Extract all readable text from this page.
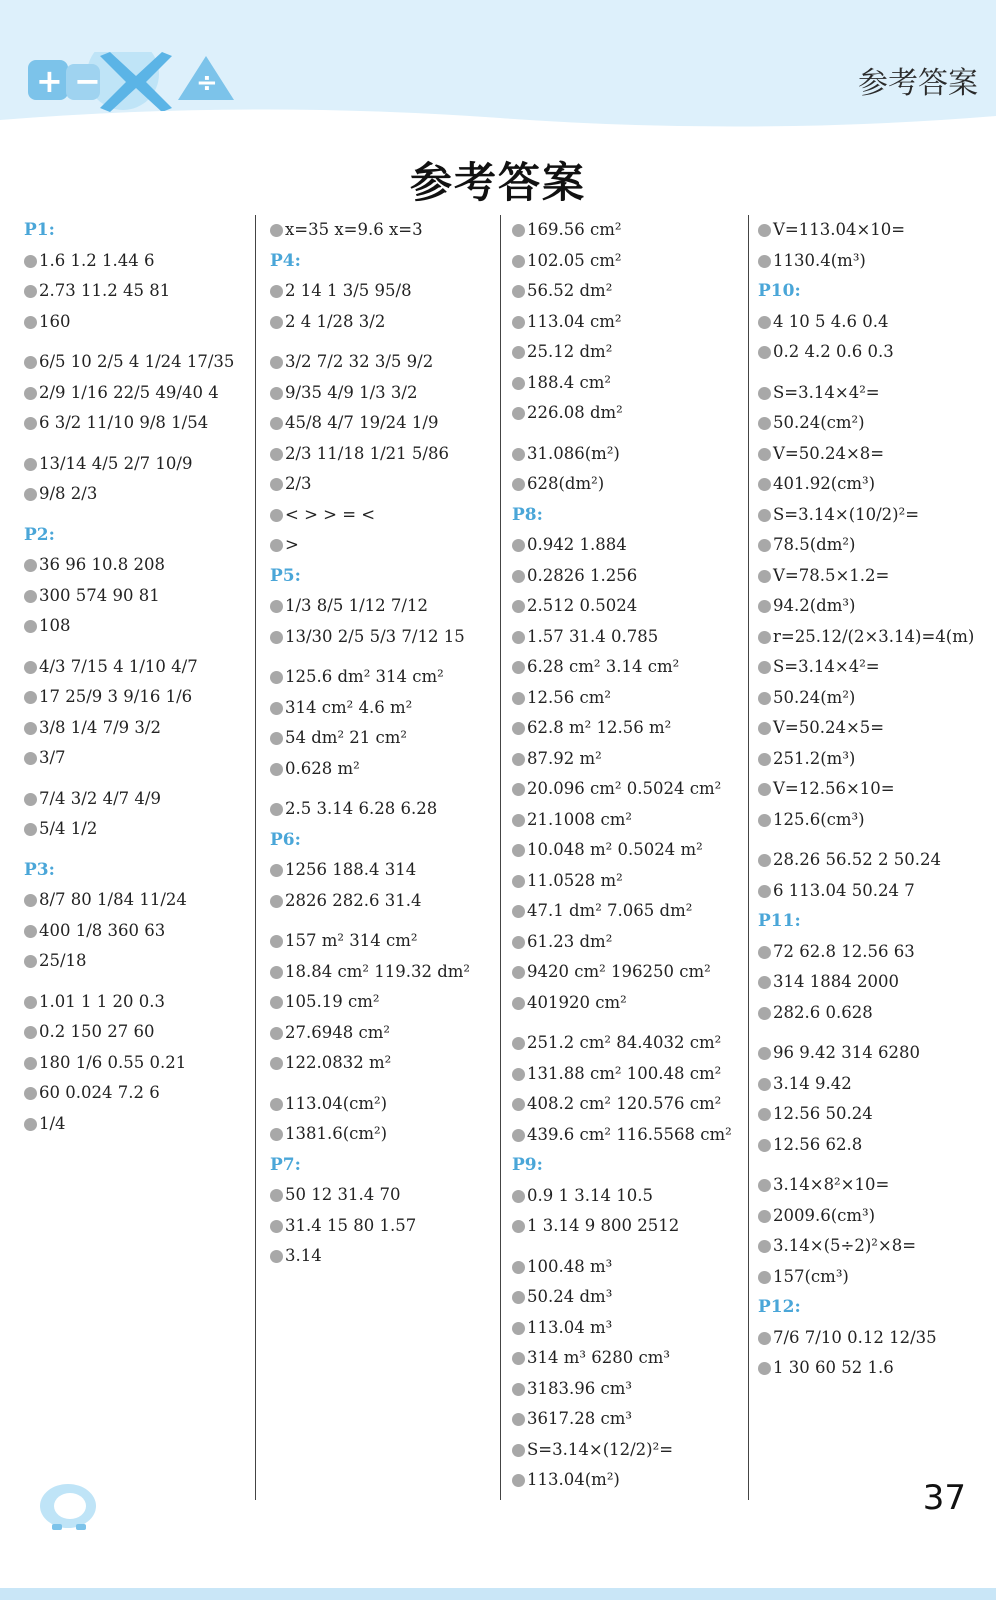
+ −	÷	参考答案
参考答案
P1:
1.6 1.2 1.44 6
2.73 11.2 45 81
160
6/5 10 2/5 4 1/24 17/35
2/9 1/16 22/5 49/40 4
6 3/2 11/10 9/8 1/54
13/14 4/5 2/7 10/9
9/8 2/3
P2:
36 96 10.8 208
300 574 90 81
108
4/3 7/15 4 1/10 4/7
17 25/9 3 9/16 1/6
3/8 1/4 7/9 3/2
3/7
7/4 3/2 4/7 4/9
5/4 1/2
P3:
8/7 80 1/84 11/24
400 1/8 360 63
25/18
1.01 1 1 20 0.3
0.2 150 27 60
180 1/6 0.55 0.21
60 0.024 7.2 6
1/4
x=35 x=9.6 x=3
P4:
2 14 1 3/5 95/8
2 4 1/28 3/2
3/2 7/2 32 3/5 9/2
9/35 4/9 1/3 3/2
45/8 4/7 19/24 1/9
2/3 11/18 1/21 5/86
2/3
< > > = <
>
P5:
1/3 8/5 1/12 7/12
13/30 2/5 5/3 7/12 15
125.6 dm² 314 cm²
314 cm² 4.6 m²
54 dm² 21 cm²
0.628 m²
2.5 3.14 6.28 6.28
P6:
1256 188.4 314
2826 282.6 31.4
157 m² 314 cm²
18.84 cm² 119.32 dm²
105.19 cm²
27.6948 cm²
122.0832 m²
113.04(cm²)
1381.6(cm²)
P7:
50 12 31.4 70
31.4 15 80 1.57
3.14
169.56 cm²
102.05 cm²
56.52 dm²
113.04 cm²
25.12 dm²
188.4 cm²
226.08 dm²
31.086(m²)
628(dm²)
P8:
0.942 1.884
0.2826 1.256
2.512 0.5024
1.57 31.4 0.785
6.28 cm² 3.14 cm²
12.56 cm²
62.8 m² 12.56 m²
87.92 m²
20.096 cm² 0.5024 cm²
21.1008 cm²
10.048 m² 0.5024 m²
11.0528 m²
47.1 dm² 7.065 dm²
61.23 dm²
9420 cm² 196250 cm²
401920 cm²
251.2 cm² 84.4032 cm²
131.88 cm² 100.48 cm²
408.2 cm² 120.576 cm²
439.6 cm² 116.5568 cm²
P9:
0.9 1 3.14 10.5
1 3.14 9 800 2512
100.48 m³
50.24 dm³
113.04 m³
314 m³ 6280 cm³
3183.96 cm³
3617.28 cm³
S=3.14×(12/2)²=
113.04(m²)
V=113.04×10=
1130.4(m³)
P10:
4 10 5 4.6 0.4
0.2 4.2 0.6 0.3
S=3.14×4²=
50.24(cm²)
V=50.24×8=
401.92(cm³)
S=3.14×(10/2)²=
78.5(dm²)
V=78.5×1.2=
94.2(dm³)
r=25.12/(2×3.14)=4(m)
S=3.14×4²=
50.24(m²)
V=50.24×5=
251.2(m³)
V=12.56×10=
125.6(cm³)
28.26 56.52 2 50.24
6 113.04 50.24 7
P11:
72 62.8 12.56 63
314 1884 2000
282.6 0.628
96 9.42 314 6280
3.14 9.42
12.56 50.24
12.56 62.8
3.14×8²×10=
2009.6(cm³)
3.14×(5÷2)²×8=
157(cm³)
P12:
7/6 7/10 0.12 12/35
1 30 60 52 1.6
37
